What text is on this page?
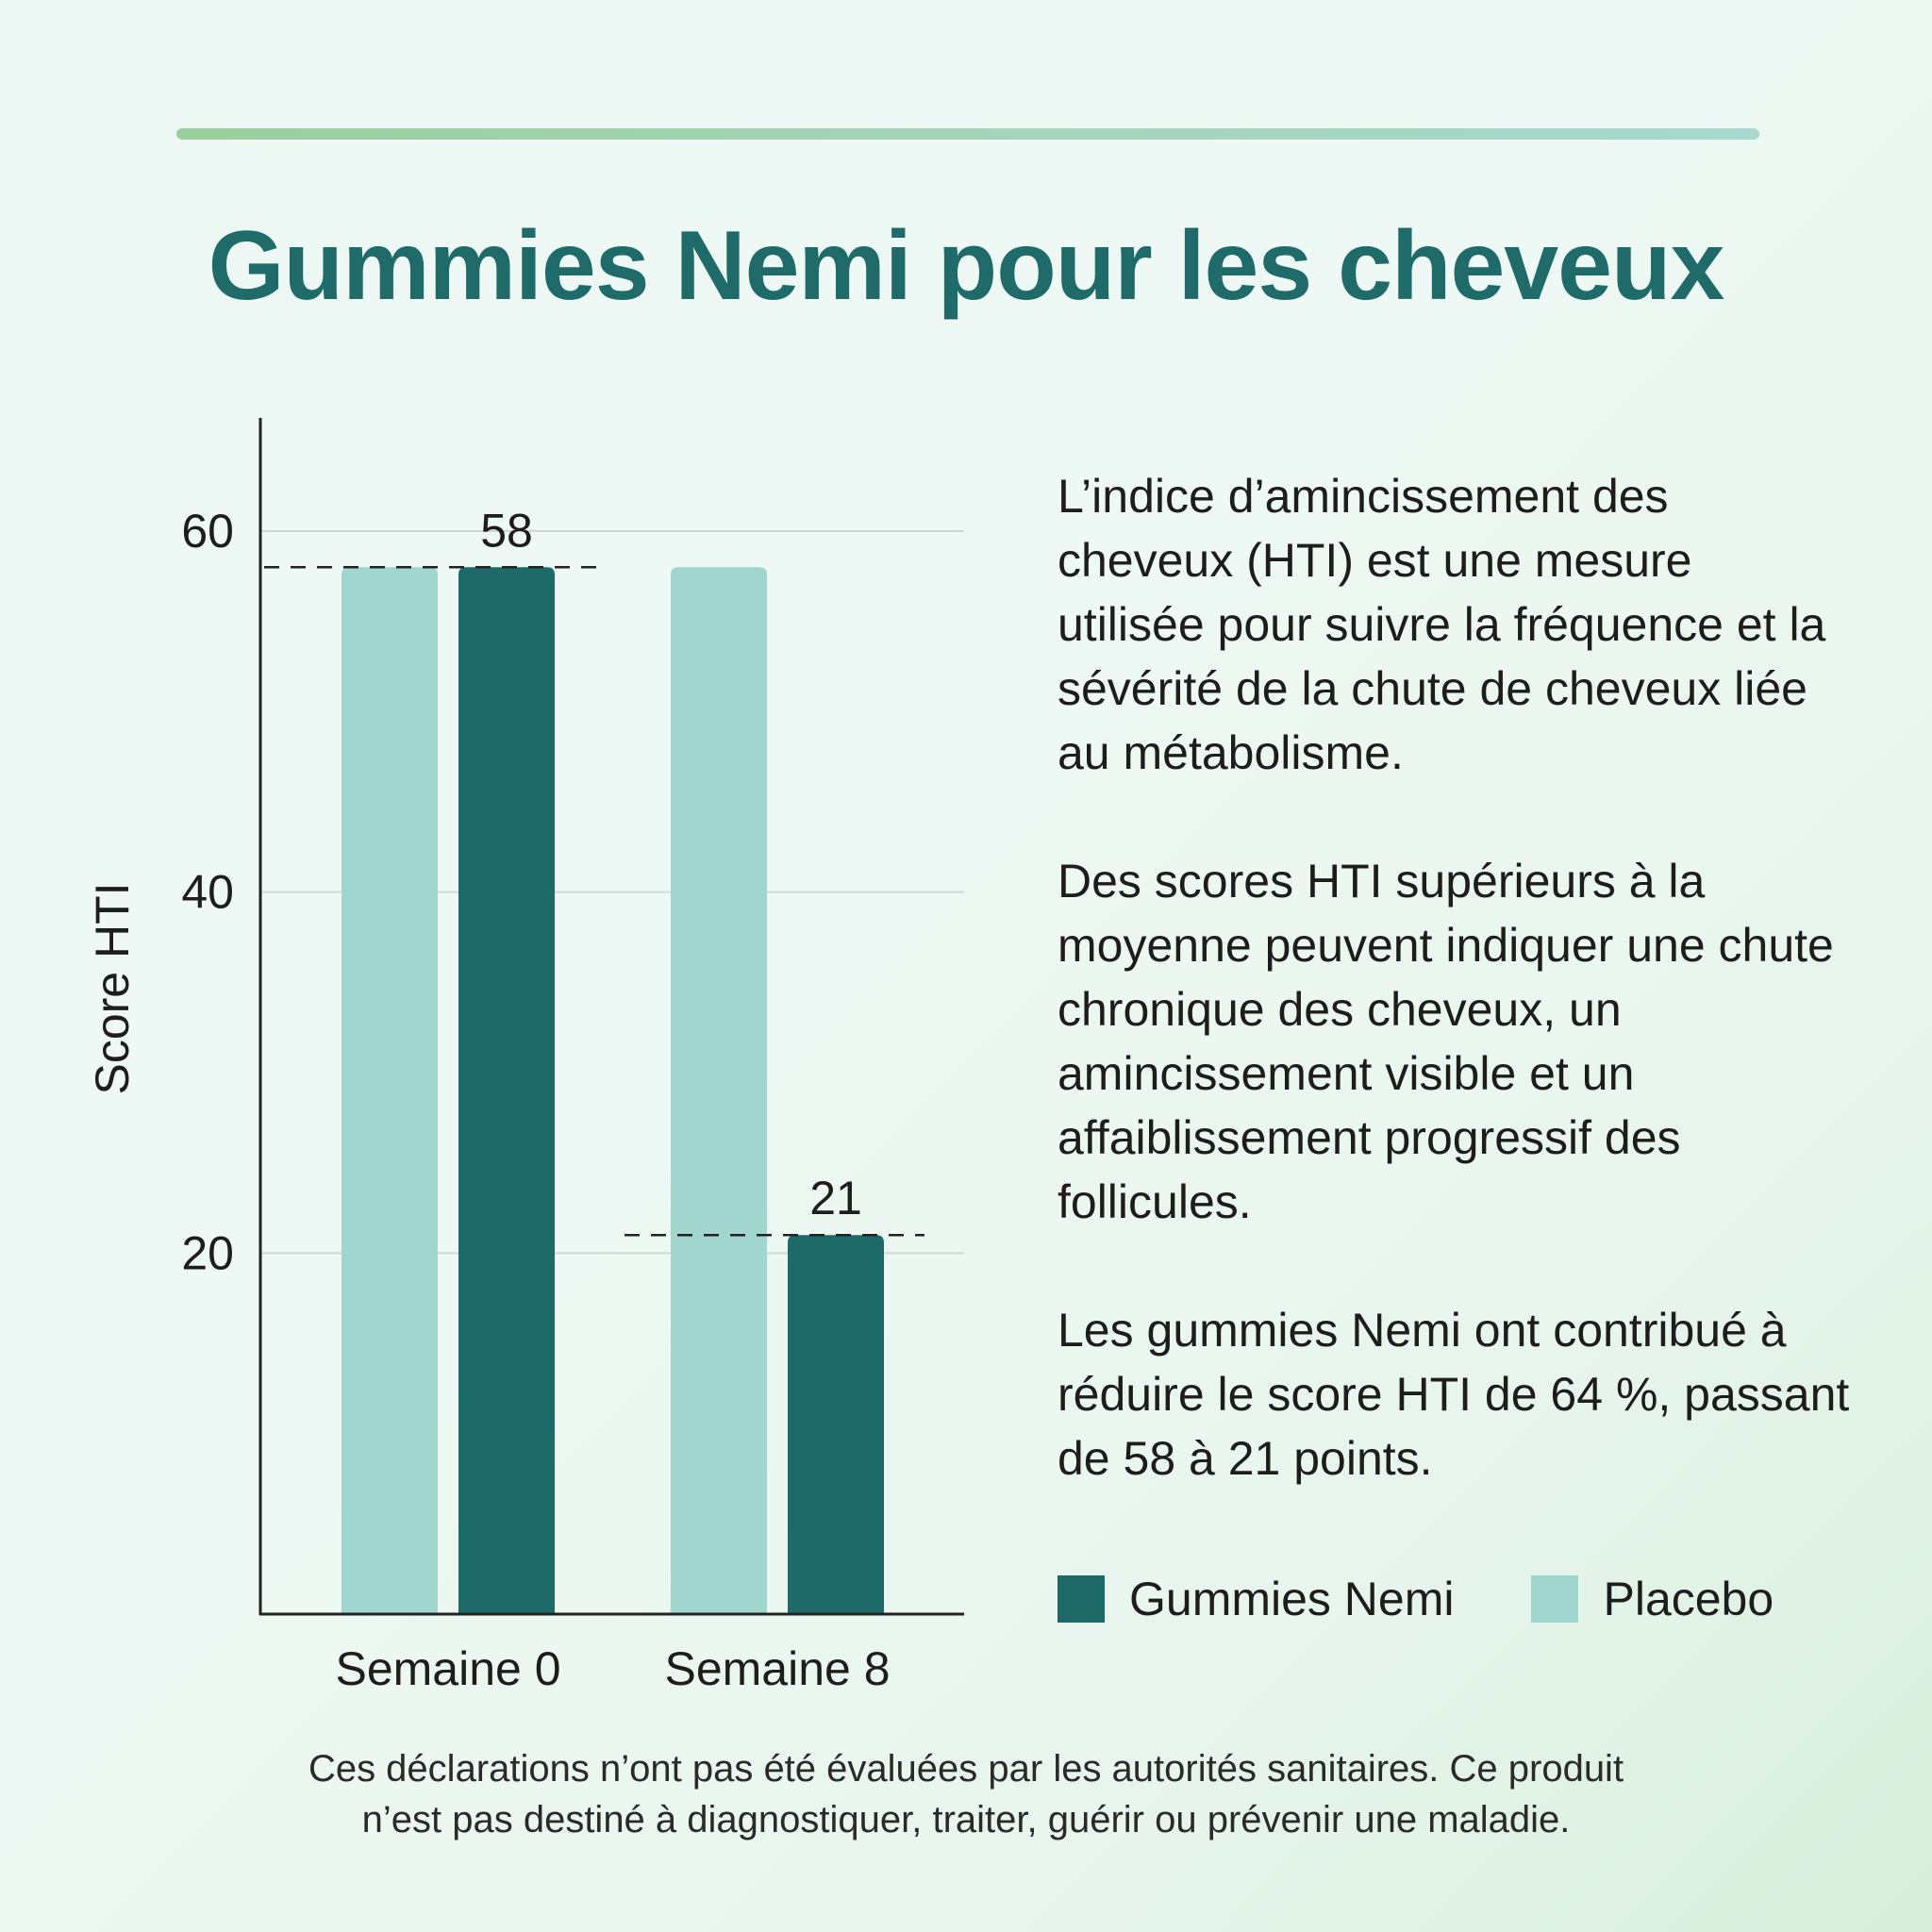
Gummies Nemi pour les cheveux
20
40
60
Semaine 0 Semaine 8
58
21
Score HTI

L’indice d’amincissement des cheveux (HTI) est une mesure utilisée pour suivre la fréquence et la sévérité de la chute de cheveux liée au métabolisme.

Des scores HTI supérieurs à la moyenne peuvent indiquer une chute chronique des cheveux, un amincissement visible et un affaiblissement progressif des follicules.

Les gummies Nemi ont contribué à réduire le score HTI de 64 %, passant de 58 à 21 points.

Gummies Nemi	Placebo
Ces déclarations n’ont pas été évaluées par les autorités sanitaires. Ce produit
n’est pas destiné à diagnostiquer, traiter, guérir ou prévenir une maladie.
